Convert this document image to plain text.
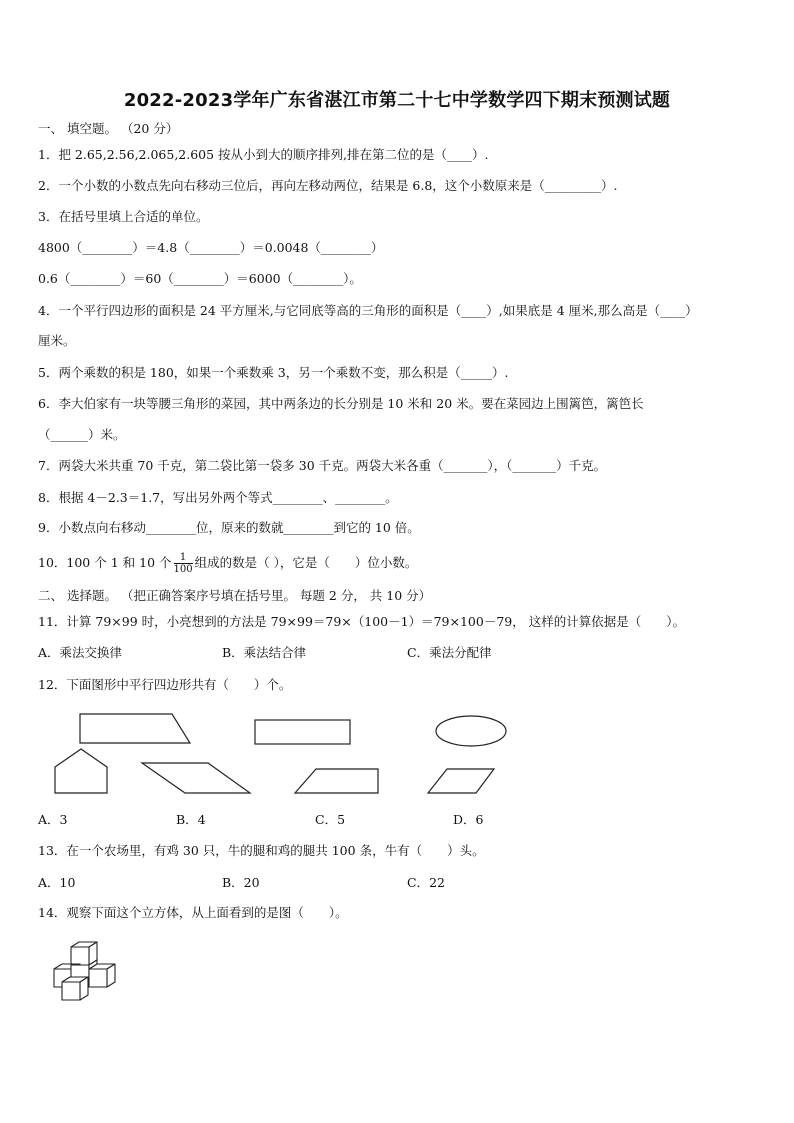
2022-2023学年广东省湛江市第二十七中学数学四下期末预测试题
一、 填空题。 （20 分）
1．把 2.65,2.56,2.065,2.605 按从小到大的顺序排列,排在第二位的是（____）.
2．一个小数的小数点先向右移动三位后，再向左移动两位，结果是 6.8，这个小数原来是（_________）.
3．在括号里填上合适的单位。
4800（________）＝4.8（________）＝0.0048（________）
0.6（________）＝60（________）＝6000（________）。
4．一个平行四边形的面积是 24 平方厘米,与它同底等高的三角形的面积是（____）,如果底是 4 厘米,那么高是（____）
厘米。
5．两个乘数的积是 180，如果一个乘数乘 3，另一个乘数不变，那么积是（_____）.
6．李大伯家有一块等腰三角形的菜园，其中两条边的长分别是 10 米和 20 米。要在菜园边上围篱笆，篱笆长
（______）米。
7．两袋大米共重 70 千克，第二袋比第一袋多 30 千克。两袋大米各重（_______），（_______）千克。
8．根据 4－2.3＝1.7，写出另外两个等式________、________。
9．小数点向右移动________位，原来的数就________到它的 10 倍。
10．100 个 1 和 10 个 $\frac{1}{100}$ 组成的数是（ ），它是（　　）位小数。
二、 选择题。 （把正确答案序号填在括号里。 每题 2 分， 共 10 分）
11．计算 79×99 时，小亮想到的方法是 79×99＝79×（100－1）＝79×100－79， 这样的计算依据是（　　）。
A．乘法交换律	B．乘法结合律	C．乘法分配律
12．下面图形中平行四边形共有（　　）个。
A．3	B．4	C．5	D．6
13．在一个农场里，有鸡 30 只，牛的腿和鸡的腿共 100 条，牛有（　　）头。
A．10	B．20	C．22
14．观察下面这个立方体，从上面看到的是图（　　）。
